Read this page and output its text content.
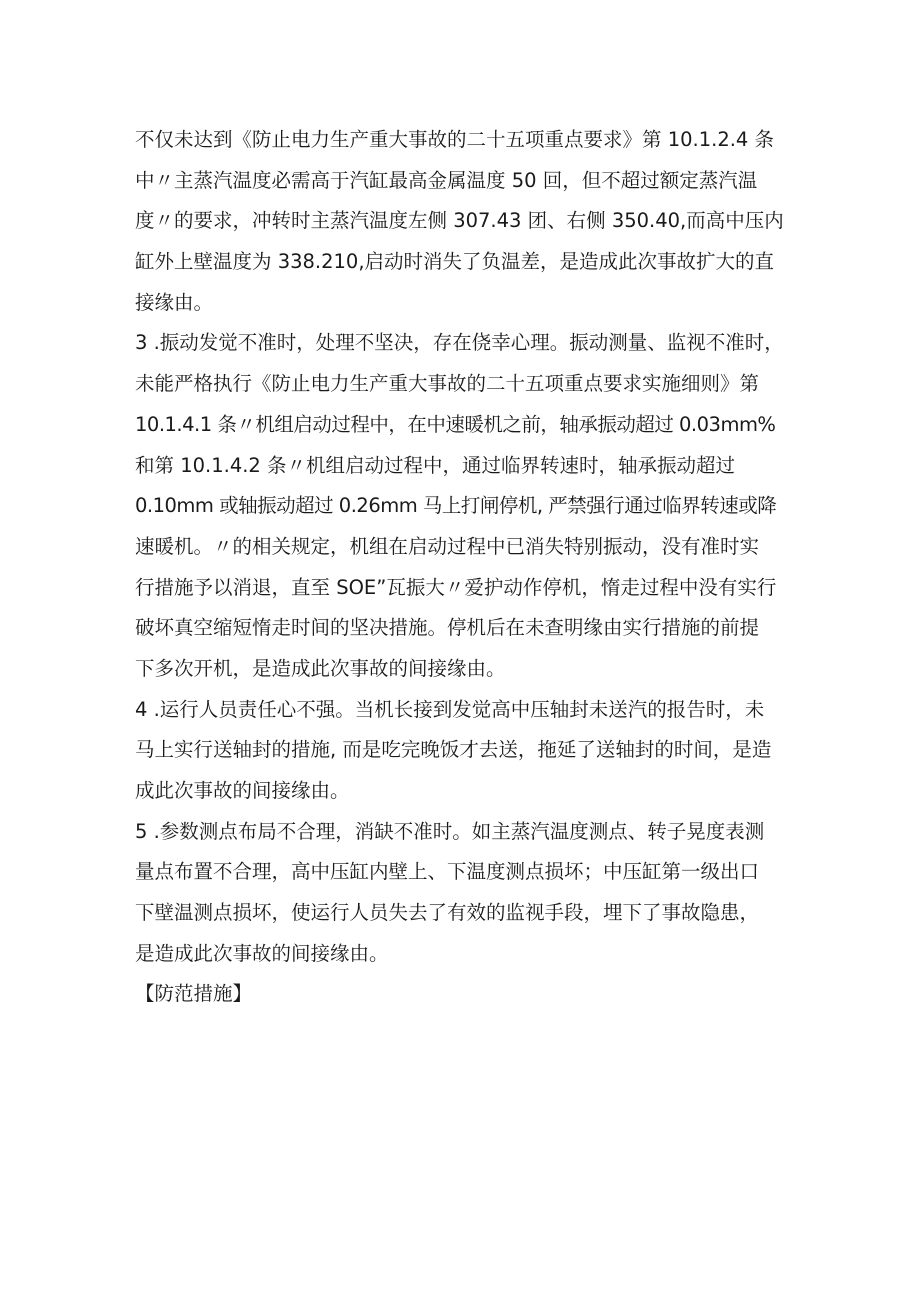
不仅未达到《防止电力生产重大事故的二十五项重点要求》第 10.1.2.4 条
中〃主蒸汽温度必需高于汽缸最高金属温度 50 回，但不超过额定蒸汽温
度〃的要求，冲转时主蒸汽温度左侧 307.43 团、右侧 350.40,而高中压内
缸外上壁温度为 338.210,启动时消失了负温差，是造成此次事故扩大的直
接缘由。
3 .振动发觉不准时，处理不坚决，存在侥幸心理。振动测量、监视不准时，
未能严格执行《防止电力生产重大事故的二十五项重点要求实施细则》第
10.1.4.1 条〃机组启动过程中，在中速暖机之前，轴承振动超过 0.03mm%
和第 10.1.4.2 条〃机组启动过程中，通过临界转速时，轴承振动超过
0.10mm 或轴振动超过 0.26mm 马上打闸停机, 严禁强行通过临界转速或降
速暖机。〃的相关规定，机组在启动过程中已消失特别振动，没有准时实
行措施予以消退，直至 SOE”瓦振大〃爱护动作停机，惰走过程中没有实行
破坏真空缩短惰走时间的坚决措施。停机后在未查明缘由实行措施的前提
下多次开机，是造成此次事故的间接缘由。
4 .运行人员责任心不强。当机长接到发觉高中压轴封未送汽的报告时，未
马上实行送轴封的措施, 而是吃完晚饭才去送，拖延了送轴封的时间，是造
成此次事故的间接缘由。
5 .参数测点布局不合理，消缺不准时。如主蒸汽温度测点、转子晃度表测
量点布置不合理，高中压缸内壁上、下温度测点损坏；中压缸第一级出口
下壁温测点损坏，使运行人员失去了有效的监视手段，埋下了事故隐患，
是造成此次事故的间接缘由。
【防范措施】
